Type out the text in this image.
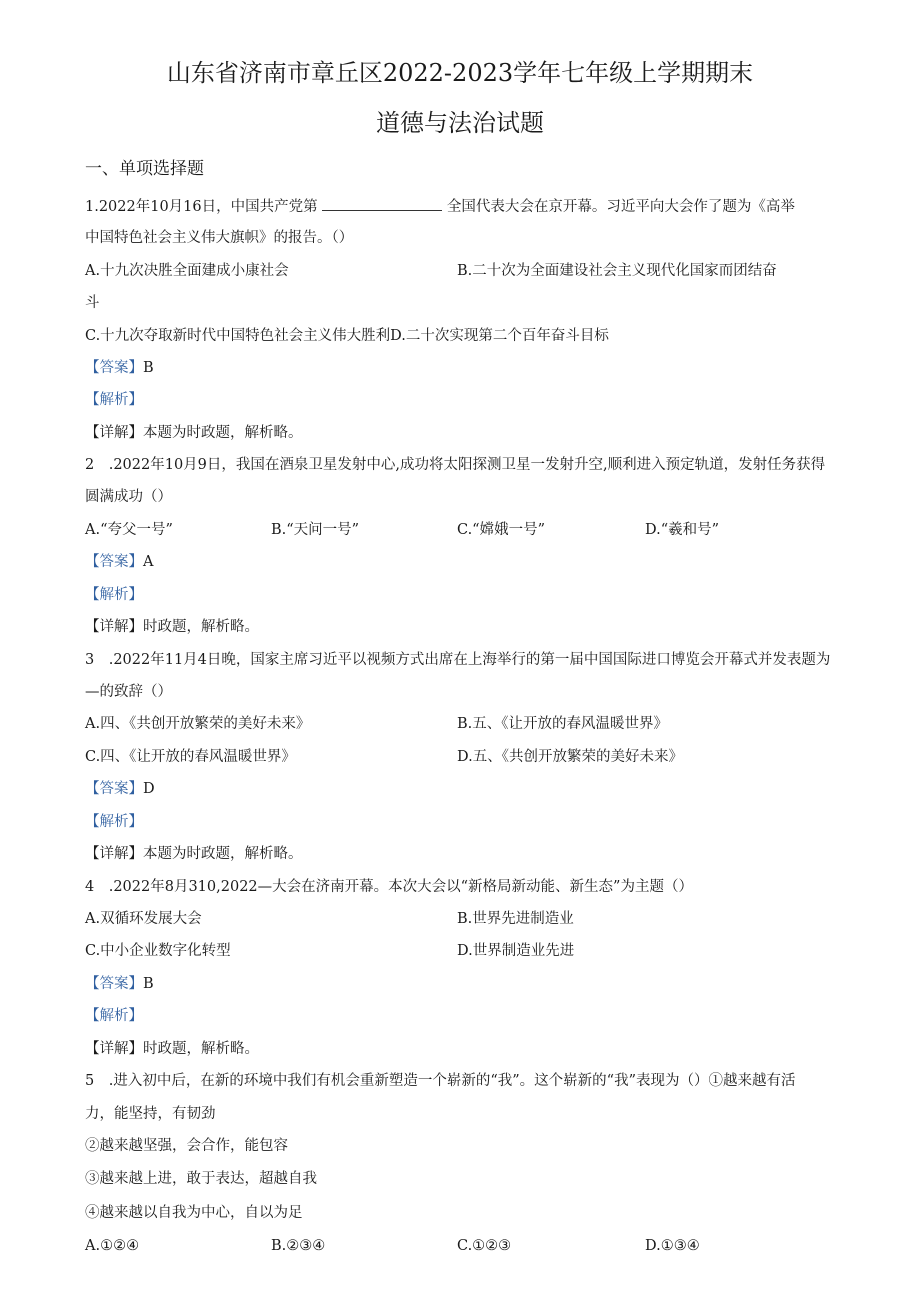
山东省济南市章丘区2022-2023学年七年级上学期期末
道德与法治试题
一、单项选择题
1.2022年10月16日，中国共产党第	全国代表大会在京开幕。习近平向大会作了题为《高举
中国特色社会主义伟大旗帜》的报告。（）
A.十九次决胜全面建成小康社会	B.二十次为全面建设社会主义现代化国家而团结奋
斗
C.十九次夺取新时代中国特色社会主义伟大胜利D.二十次实现第二个百年奋斗目标
【答案】B
【解析】
【详解】本题为时政题，解析略。
2　.2022年10月9日，我国在酒泉卫星发射中心,成功将太阳探测卫星一发射升空,顺利进入预定轨道，发射任务获得
圆满成功（）
A.“夸父一号”	B.“天问一号”	C.“嫦娥一号”	D.“羲和号”
【答案】A
【解析】
【详解】时政题，解析略。
3　.2022年11月4日晚，国家主席习近平以视频方式出席在上海举行的第一届中国国际进口博览会开幕式并发表题为
—的致辞（）
A.四、《共创开放繁荣的美好未来》	B.五、《让开放的春风温暖世界》
C.四、《让开放的春风温暖世界》	D.五、《共创开放繁荣的美好未来》
【答案】D
【解析】
【详解】本题为时政题，解析略。
4　.2022年8月310,2022—大会在济南开幕。本次大会以“新格局新动能、新生态”为主题（）
A.双循环发展大会	B.世界先进制造业
C.中小企业数字化转型	D.世界制造业先进
【答案】B
【解析】
【详解】时政题，解析略。
5　.进入初中后，在新的环境中我们有机会重新塑造一个崭新的“我”。这个崭新的“我”表现为（）①越来越有活
力，能坚持，有韧劲
②越来越坚强，会合作，能包容
③越来越上进，敢于表达，超越自我
④越来越以自我为中心，自以为足
A.①②④	B.②③④	C.①②③	D.①③④
